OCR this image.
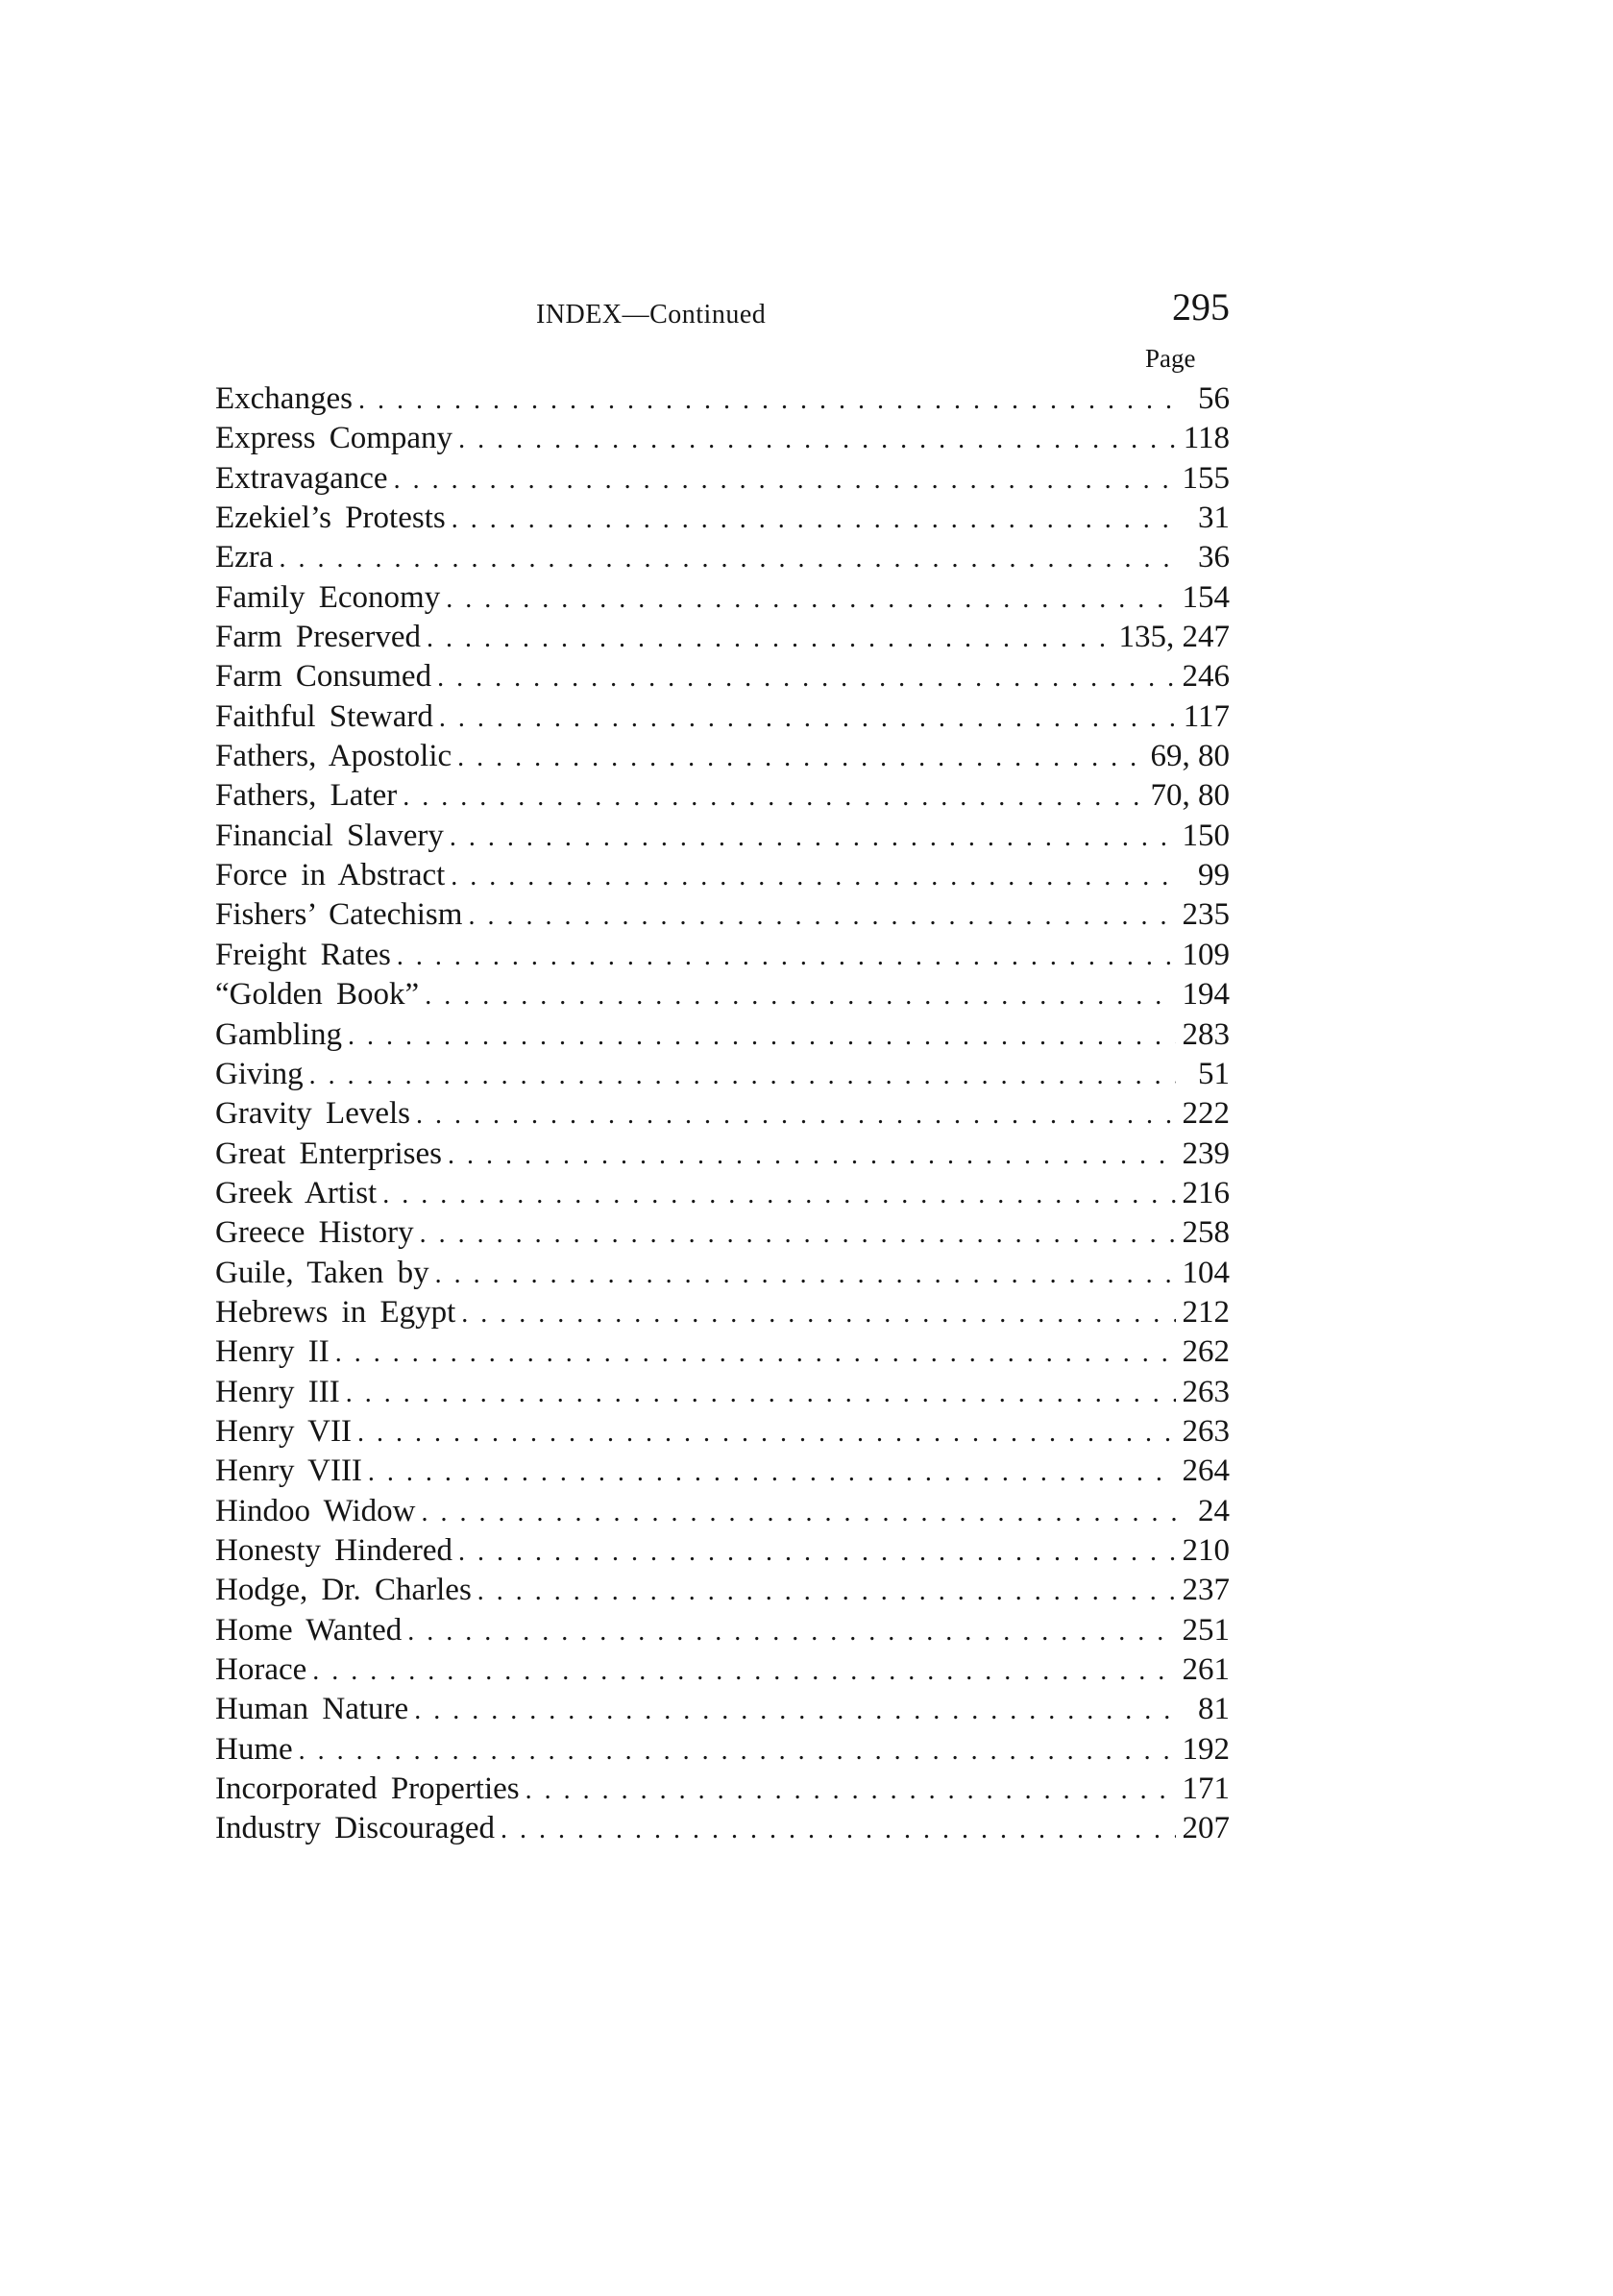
INDEX—Continued	295
Page
Exchanges . . .	56
Express Company . . .	118
Extravagance . . .	155
Ezekiel’s Protests . . .	31
Ezra . . .	36
Family Economy . . .	154
Farm Preserved . . .	135, 247
Farm Consumed . . .	246
Faithful Steward . . .	117
Fathers, Apostolic . . .	69, 80
Fathers, Later . . .	70, 80
Financial Slavery . . .	150
Force in Abstract . . .	99
Fishers’ Catechism . . .	235
Freight Rates . . .	109
“Golden Book” . . .	194
Gambling . . .	283
Giving . . .	51
Gravity Levels . . .	222
Great Enterprises . . .	239
Greek Artist . . .	216
Greece History . . .	258
Guile, Taken by . . .	104
Hebrews in Egypt . . .	212
Henry II . . .	262
Henry III . . .	263
Henry VII . . .	263
Henry VIII . . .	264
Hindoo Widow . . .	24
Honesty Hindered . . .	210
Hodge, Dr. Charles . . .	237
Home Wanted . . .	251
Horace . . .	261
Human Nature . . .	81
Hume . . .	192
Incorporated Properties . . .	171
Industry Discouraged . . .	207
